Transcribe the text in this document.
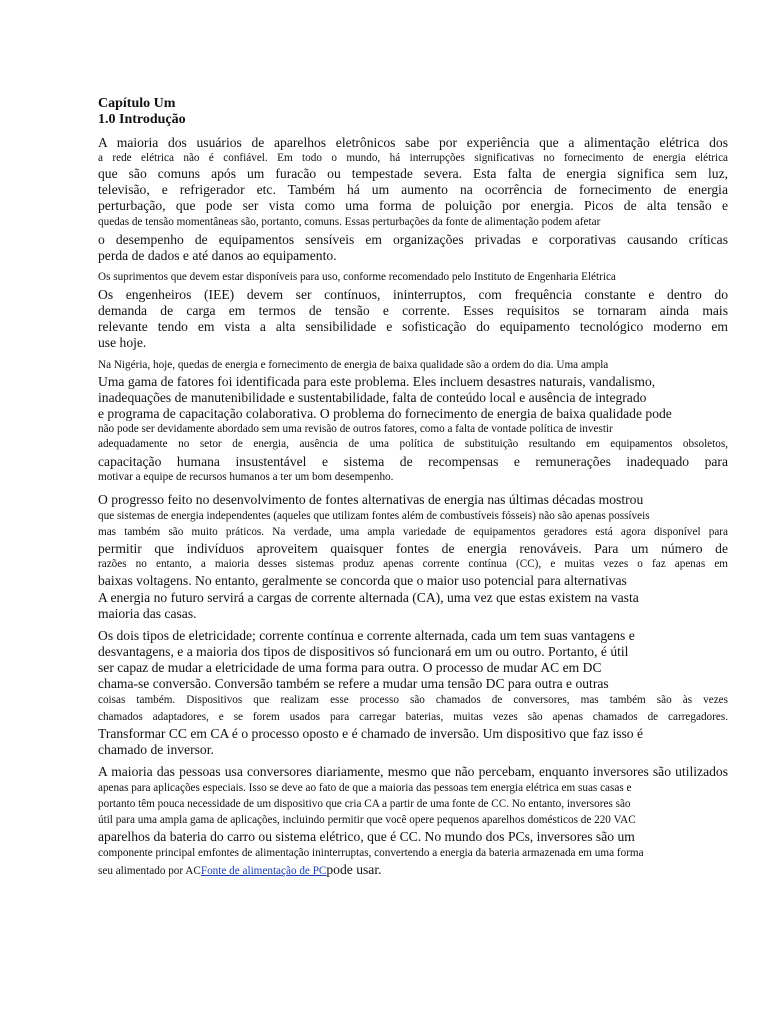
Capítulo Um
1.0 Introdução
A maioria dos usuários de aparelhos eletrônicos sabe por experiência que a alimentação elétrica dos
a rede elétrica não é confiável. Em todo o mundo, há interrupções significativas no fornecimento de energia elétrica
que são comuns após um furacão ou tempestade severa. Esta falta de energia significa sem luz,
televisão, e refrigerador etc. Também há um aumento na ocorrência de fornecimento de energia
perturbação, que pode ser vista como uma forma de poluição por energia. Picos de alta tensão e
quedas de tensão momentâneas são, portanto, comuns. Essas perturbações da fonte de alimentação podem afetar
o desempenho de equipamentos sensíveis em organizações privadas e corporativas causando críticas
perda de dados e até danos ao equipamento.
Os suprimentos que devem estar disponíveis para uso, conforme recomendado pelo Instituto de Engenharia Elétrica
Os engenheiros (IEE) devem ser contínuos, ininterruptos, com frequência constante e dentro do
demanda de carga em termos de tensão e corrente. Esses requisitos se tornaram ainda mais
relevante tendo em vista a alta sensibilidade e sofisticação do equipamento tecnológico moderno em
use hoje.
Na Nigéria, hoje, quedas de energia e fornecimento de energia de baixa qualidade são a ordem do dia. Uma ampla
Uma gama de fatores foi identificada para este problema. Eles incluem desastres naturais, vandalismo,
inadequações de manutenibilidade e sustentabilidade, falta de conteúdo local e ausência de integrado
e programa de capacitação colaborativa. O problema do fornecimento de energia de baixa qualidade pode
não pode ser devidamente abordado sem uma revisão de outros fatores, como a falta de vontade política de investir
adequadamente no setor de energia, ausência de uma política de substituição resultando em equipamentos obsoletos,
capacitação humana insustentável e sistema de recompensas e remunerações inadequado para
motivar a equipe de recursos humanos a ter um bom desempenho.
O progresso feito no desenvolvimento de fontes alternativas de energia nas últimas décadas mostrou
que sistemas de energia independentes (aqueles que utilizam fontes além de combustíveis fósseis) não são apenas possíveis
mas também são muito práticos. Na verdade, uma ampla variedade de equipamentos geradores está agora disponível para
permitir que indivíduos aproveitem quaisquer fontes de energia renováveis. Para um número de
razões no entanto, a maioria desses sistemas produz apenas corrente contínua (CC), e muitas vezes o faz apenas em
baixas voltagens. No entanto, geralmente se concorda que o maior uso potencial para alternativas
A energia no futuro servirá a cargas de corrente alternada (CA), uma vez que estas existem na vasta
maioria das casas.
Os dois tipos de eletricidade; corrente contínua e corrente alternada, cada um tem suas vantagens e
desvantagens, e a maioria dos tipos de dispositivos só funcionará em um ou outro. Portanto, é útil
ser capaz de mudar a eletricidade de uma forma para outra. O processo de mudar AC em DC
chama-se conversão. Conversão também se refere a mudar uma tensão DC para outra e outras
coisas também. Dispositivos que realizam esse processo são chamados de conversores, mas também são às vezes
chamados adaptadores, e se forem usados para carregar baterias, muitas vezes são apenas chamados de carregadores.
Transformar CC em CA é o processo oposto e é chamado de inversão. Um dispositivo que faz isso é
chamado de inversor.
A maioria das pessoas usa conversores diariamente, mesmo que não percebam, enquanto inversores são utilizados
apenas para aplicações especiais. Isso se deve ao fato de que a maioria das pessoas tem energia elétrica em suas casas e
portanto têm pouca necessidade de um dispositivo que cria CA a partir de uma fonte de CC. No entanto, inversores são
útil para uma ampla gama de aplicações, incluindo permitir que você opere pequenos aparelhos domésticos de 220 VAC
aparelhos da bateria do carro ou sistema elétrico, que é CC. No mundo dos PCs, inversores são um
componente principal emfontes de alimentação ininterruptas, convertendo a energia da bateria armazenada em uma forma
seu alimentado por ACFonte de alimentação de PCpode usar.
